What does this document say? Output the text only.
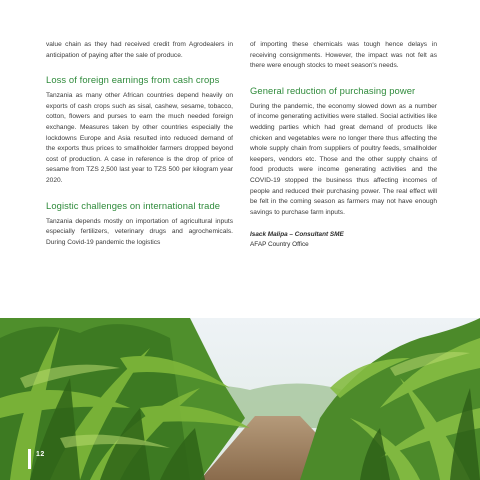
value chain as they had received credit from Agrodealers in anticipation of paying after the sale of produce.

Loss of foreign earnings from cash crops

Tanzania as many other African countries depend heavily on exports of cash crops such as sisal, cashew, sesame, tobacco, cotton, flowers and purses to earn the much needed foreign exchange. Measures taken by other countries especially the lockdowns Europe and Asia resulted into reduced demand of the exports thus prices to smallholder farmers dropped beyond cost of production. A case in reference is the drop of price of sesame from TZS 2,500 last year to TZS 500 per kilogram year 2020.

Logistic challenges on international trade

Tanzania depends mostly on importation of agricultural inputs especially fertilizers, veterinary drugs and agrochemicals. During Covid-19 pandemic the logistics

of importing these chemicals was tough hence delays in receiving consignments. However, the impact was not felt as there were enough stocks to meet season's needs.

General reduction of purchasing power

During the pandemic, the economy slowed down as a number of income generating activities were stalled. Social activities like wedding parties which had great demand of products like chicken and vegetables were no longer there thus affecting the whole supply chain from suppliers of poultry feeds, smallholder keepers, vendors etc. Those and the other supply chains of food products were income generating activities and the COVID-19 stopped the business thus affecting incomes of people and reduced their purchasing power. The real effect will be felt in the coming season as farmers may not have enough savings to purchase farm inputs.

Isack Malipa – Consultant SME
AFAP Country Office
12
